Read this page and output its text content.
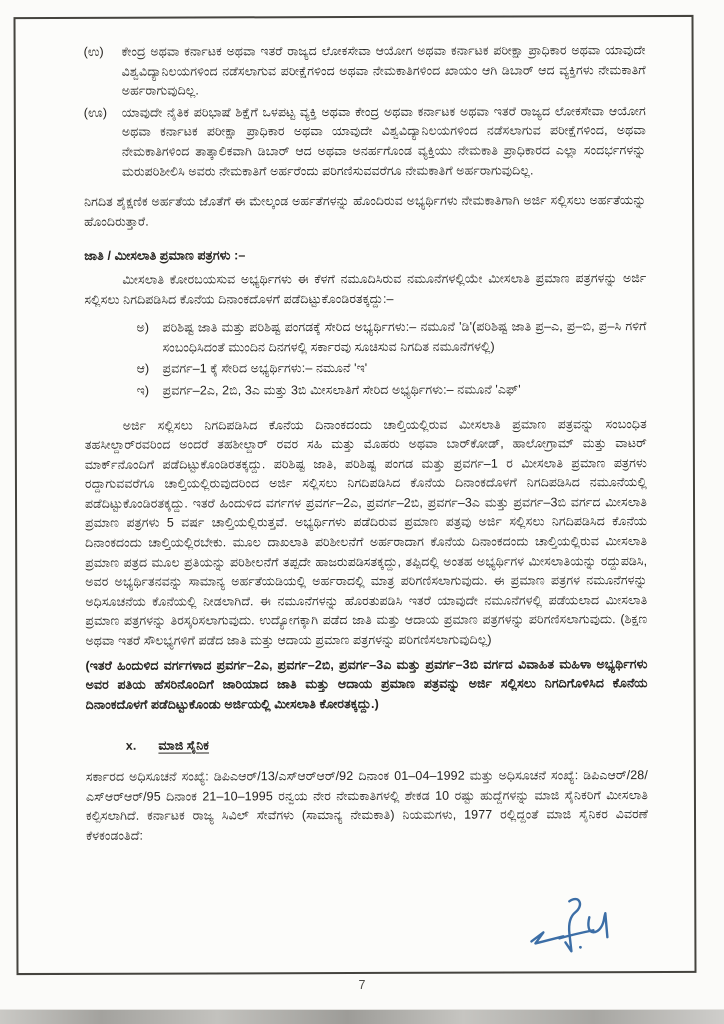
(ಉ)	ಕೇಂದ್ರ ಅಥವಾ ಕರ್ನಾಟಕ ಅಥವಾ ಇತರೆ ರಾಜ್ಯದ ಲೋಕಸೇವಾ ಆಯೋಗ ಅಥವಾ ಕರ್ನಾಟಕ ಪರೀಕ್ಷಾ ಪ್ರಾಧಿಕಾರ ಅಥವಾ ಯಾವುದೇ ವಿಶ್ವವಿದ್ಯಾನಿಲಯಗಳಿಂದ ನಡೆಸಲಾಗುವ ಪರೀಕ್ಷೆಗಳಿಂದ ಅಥವಾ ನೇಮಕಾತಿಗಳಿಂದ ಖಾಯಂ ಆಗಿ ಡಿಬಾರ್ ಆದ ವ್ಯಕ್ತಿಗಳು ನೇಮಕಾತಿಗೆ ಅರ್ಹರಾಗುವುದಿಲ್ಲ.
(ಊ)	ಯಾವುದೇ ನೈತಿಕ ಪರಿಭಾಷೆ ಶಿಕ್ಷೆಗೆ ಒಳಪಟ್ಟ ವ್ಯಕ್ತಿ ಅಥವಾ ಕೇಂದ್ರ ಅಥವಾ ಕರ್ನಾಟಕ ಅಥವಾ ಇತರೆ ರಾಜ್ಯದ ಲೋಕಸೇವಾ ಆಯೋಗ ಅಥವಾ ಕರ್ನಾಟಕ ಪರೀಕ್ಷಾ ಪ್ರಾಧಿಕಾರ ಅಥವಾ ಯಾವುದೇ ವಿಶ್ವವಿದ್ಯಾನಿಲಯಗಳಿಂದ ನಡೆಸಲಾಗುವ ಪರೀಕ್ಷೆಗಳಿಂದ, ಅಥವಾ ನೇಮಕಾತಿಗಳಿಂದ ತಾತ್ಕಾಲಿಕವಾಗಿ ಡಿಬಾರ್ ಆದ ಅಥವಾ ಅನರ್ಹಗೊಂಡ ವ್ಯಕ್ತಿಯು ನೇಮಕಾತಿ ಪ್ರಾಧಿಕಾರದ ಎಲ್ಲಾ ಸಂದರ್ಭಗಳನ್ನು ಮರುಪರಿಶೀಲಿಸಿ ಅವರು ನೇಮಕಾತಿಗೆ ಅರ್ಹರೆಂದು ಪರಿಗಣಿಸುವವರೆಗೂ ನೇಮಕಾತಿಗೆ ಅರ್ಹರಾಗುವುದಿಲ್ಲ.

ನಿಗದಿತ ಶೈಕ್ಷಣಿಕ ಅರ್ಹತೆಯ ಜೊತೆಗೆ ಈ ಮೇಲ್ಕಂಡ ಅರ್ಹತೆಗಳನ್ನು ಹೊಂದಿರುವ ಅಭ್ಯರ್ಥಿಗಳು ನೇಮಕಾತಿಗಾಗಿ ಅರ್ಜಿ ಸಲ್ಲಿಸಲು ಅರ್ಹತೆಯನ್ನು ಹೊಂದಿರುತ್ತಾರೆ.

ಜಾತಿ / ಮೀಸಲಾತಿ ಪ್ರಮಾಣ ಪತ್ರಗಳು :–

ಮೀಸಲಾತಿ ಕೋರಬಯಸುವ ಅಭ್ಯರ್ಥಿಗಳು ಈ ಕೆಳಗೆ ನಮೂದಿಸಿರುವ ನಮೂನೆಗಳಲ್ಲಿಯೇ ಮೀಸಲಾತಿ ಪ್ರಮಾಣ ಪತ್ರಗಳನ್ನು ಅರ್ಜಿ ಸಲ್ಲಿಸಲು ನಿಗದಿಪಡಿಸಿದ ಕೊನೆಯ ದಿನಾಂಕದೊಳಗೆ ಪಡೆದಿಟ್ಟುಕೊಂಡಿರತಕ್ಕದ್ದು:–

ಅ)	ಪರಿಶಿಷ್ಟ ಜಾತಿ ಮತ್ತು ಪರಿಶಿಷ್ಟ ಪಂಗಡಕ್ಕೆ ಸೇರಿದ ಅಭ್ಯರ್ಥಿಗಳು:– ನಮೂನೆ 'ಡಿ'(ಪರಿಶಿಷ್ಟ ಜಾತಿ ಪ್ರ–ಎ, ಪ್ರ–ಬಿ, ಪ್ರ–ಸಿ ಗಳಿಗೆ ಸಂಬಂಧಿಸಿದಂತೆ ಮುಂದಿನ ದಿನಗಳಲ್ಲಿ ಸರ್ಕಾರವು ಸೂಚಿಸುವ ನಿಗದಿತ ನಮೂನೆಗಳಲ್ಲಿ)
ಆ)	ಪ್ರವರ್ಗ–1 ಕ್ಕೆ ಸೇರಿದ ಅಭ್ಯರ್ಥಿಗಳು:– ನಮೂನೆ 'ಇ'
ಇ)	ಪ್ರವರ್ಗ–2ಎ, 2ಬಿ, 3ಎ ಮತ್ತು 3ಬಿ ಮೀಸಲಾತಿಗೆ ಸೇರಿದ ಅಭ್ಯರ್ಥಿಗಳು:– ನಮೂನೆ 'ಎಫ್'

ಅರ್ಜಿ ಸಲ್ಲಿಸಲು ನಿಗದಿಪಡಿಸಿದ ಕೊನೆಯ ದಿನಾಂಕದಂದು ಚಾಲ್ತಿಯಲ್ಲಿರುವ ಮೀಸಲಾತಿ ಪ್ರಮಾಣ ಪತ್ರವನ್ನು ಸಂಬಂಧಿತ ತಹಸೀಲ್ದಾರ್‌ರವರಿಂದ ಅಂದರೆ ತಹಶೀಲ್ದಾರ್ ರವರ ಸಹಿ ಮತ್ತು ಮೊಹರು ಅಥವಾ ಬಾರ್‌ಕೋಡ್, ಹಾಲೋಗ್ರಾಮ್ ಮತ್ತು ವಾಟರ್ ಮಾರ್ಕ್‌ನೊಂದಿಗೆ ಪಡೆದಿಟ್ಟುಕೊಂಡಿರತಕ್ಕದ್ದು. ಪರಿಶಿಷ್ಟ ಜಾತಿ, ಪರಿಶಿಷ್ಟ ಪಂಗಡ ಮತ್ತು ಪ್ರವರ್ಗ–1 ರ ಮೀಸಲಾತಿ ಪ್ರಮಾಣ ಪತ್ರಗಳು ರದ್ದಾಗುವವರೆಗೂ ಚಾಲ್ತಿಯಲ್ಲಿರುವುದರಿಂದ ಅರ್ಜಿ ಸಲ್ಲಿಸಲು ನಿಗದಿಪಡಿಸಿದ ಕೊನೆಯ ದಿನಾಂಕದೊಳಗೆ ನಿಗದಿಪಡಿಸಿದ ನಮೂನೆಯಲ್ಲಿ ಪಡೆದಿಟ್ಟುಕೊಂಡಿರತಕ್ಕದ್ದು. ಇತರೆ ಹಿಂದುಳಿದ ವರ್ಗಗಳ ಪ್ರವರ್ಗ–2ಎ, ಪ್ರವರ್ಗ–2ಬಿ, ಪ್ರವರ್ಗ–3ಎ ಮತ್ತು ಪ್ರವರ್ಗ–3ಬಿ ವರ್ಗದ ಮೀಸಲಾತಿ ಪ್ರಮಾಣ ಪತ್ರಗಳು 5 ವರ್ಷ ಚಾಲ್ತಿಯಲ್ಲಿರುತ್ತವೆ. ಅಭ್ಯರ್ಥಿಗಳು ಪಡೆದಿರುವ ಪ್ರಮಾಣ ಪತ್ರವು ಅರ್ಜಿ ಸಲ್ಲಿಸಲು ನಿಗದಿಪಡಿಸಿದ ಕೊನೆಯ ದಿನಾಂಕದಂದು ಚಾಲ್ತಿಯಲ್ಲಿರಬೇಕು. ಮೂಲ ದಾಖಲಾತಿ ಪರಿಶೀಲನೆಗೆ ಅರ್ಹರಾದಾಗ ಕೊನೆಯ ದಿನಾಂಕದಂದು ಚಾಲ್ತಿಯಲ್ಲಿರುವ ಮೀಸಲಾತಿ ಪ್ರಮಾಣ ಪತ್ರದ ಮೂಲ ಪ್ರತಿಯನ್ನು ಪರಿಶೀಲನೆಗೆ ತಪ್ಪದೇ ಹಾಜರುಪಡಿಸತಕ್ಕದ್ದು, ತಪ್ಪಿದಲ್ಲಿ ಅಂತಹ ಅಭ್ಯರ್ಥಿಗಳ ಮೀಸಲಾತಿಯನ್ನು ರದ್ದುಪಡಿಸಿ, ಅವರ ಅಭ್ಯರ್ಥಿತನವನ್ನು ಸಾಮಾನ್ಯ ಅರ್ಹತೆಯಡಿಯಲ್ಲಿ ಅರ್ಹರಾದಲ್ಲಿ ಮಾತ್ರ ಪರಿಗಣಿಸಲಾಗುವುದು. ಈ ಪ್ರಮಾಣ ಪತ್ರಗಳ ನಮೂನೆಗಳನ್ನು ಅಧಿಸೂಚನೆಯ ಕೊನೆಯಲ್ಲಿ ನೀಡಲಾಗಿದೆ. ಈ ನಮೂನೆಗಳನ್ನು ಹೊರತುಪಡಿಸಿ ಇತರೆ ಯಾವುದೇ ನಮೂನೆಗಳಲ್ಲಿ ಪಡೆಯಲಾದ ಮೀಸಲಾತಿ ಪ್ರಮಾಣ ಪತ್ರಗಳನ್ನು ತಿರಸ್ಕರಿಸಲಾಗುವುದು. ಉದ್ಯೋಗಕ್ಕಾಗಿ ಪಡೆದ ಜಾತಿ ಮತ್ತು ಆದಾಯ ಪ್ರಮಾಣ ಪತ್ರಗಳನ್ನು ಪರಿಗಣಿಸಲಾಗುವುದು. (ಶಿಕ್ಷಣ ಅಥವಾ ಇತರೆ ಸೌಲಭ್ಯಗಳಿಗೆ ಪಡೆದ ಜಾತಿ ಮತ್ತು ಆದಾಯ ಪ್ರಮಾಣ ಪತ್ರಗಳನ್ನು ಪರಿಗಣಿಸಲಾಗುವುದಿಲ್ಲ)

(ಇತರೆ ಹಿಂದುಳಿದ ವರ್ಗಗಳಾದ ಪ್ರವರ್ಗ–2ಎ, ಪ್ರವರ್ಗ–2ಬಿ, ಪ್ರವರ್ಗ–3ಎ ಮತ್ತು ಪ್ರವರ್ಗ–3ಬಿ ವರ್ಗದ ವಿವಾಹಿತ ಮಹಿಳಾ ಅಭ್ಯರ್ಥಿಗಳು ಅವರ ಪತಿಯ ಹೆಸರಿನೊಂದಿಗೆ ಜಾರಿಯಾದ ಜಾತಿ ಮತ್ತು ಆದಾಯ ಪ್ರಮಾಣ ಪತ್ರವನ್ನು ಅರ್ಜಿ ಸಲ್ಲಿಸಲು ನಿಗದಿಗೊಳಿಸಿದ ಕೊನೆಯ ದಿನಾಂಕದೊಳಗೆ ಪಡೆದಿಟ್ಟುಕೊಂಡು ಅರ್ಜಿಯಲ್ಲಿ ಮೀಸಲಾತಿ ಕೋರತಕ್ಕದ್ದು.)

x. ಮಾಜಿ ಸೈನಿಕ

ಸರ್ಕಾರದ ಅಧಿಸೂಚನೆ ಸಂಖ್ಯೆ: ಡಿಪಿಎಆರ್/13/ಎಸ್‌ಆರ್‌ಆರ್/92 ದಿನಾಂಕ 01–04–1992 ಮತ್ತು ಅಧಿಸೂಚನೆ ಸಂಖ್ಯೆ: ಡಿಪಿಎಆರ್/28/ಎಸ್‌ಆರ್‌ಆರ್/95 ದಿನಾಂಕ 21–10–1995 ರನ್ವಯ ನೇರ ನೇಮಕಾತಿಗಳಲ್ಲಿ ಶೇಕಡ 10 ರಷ್ಟು ಹುದ್ದೆಗಳನ್ನು ಮಾಜಿ ಸೈನಿಕರಿಗೆ ಮೀಸಲಾತಿ ಕಲ್ಪಿಸಲಾಗಿದೆ. ಕರ್ನಾಟಕ ರಾಜ್ಯ ಸಿವಿಲ್ ಸೇವೆಗಳು (ಸಾಮಾನ್ಯ ನೇಮಕಾತಿ) ನಿಯಮಗಳು, 1977 ರಲ್ಲಿದ್ದಂತೆ ಮಾಜಿ ಸೈನಿಕರ ವಿವರಣೆ ಕೆಳಕಂಡಂತಿದೆ:

7
